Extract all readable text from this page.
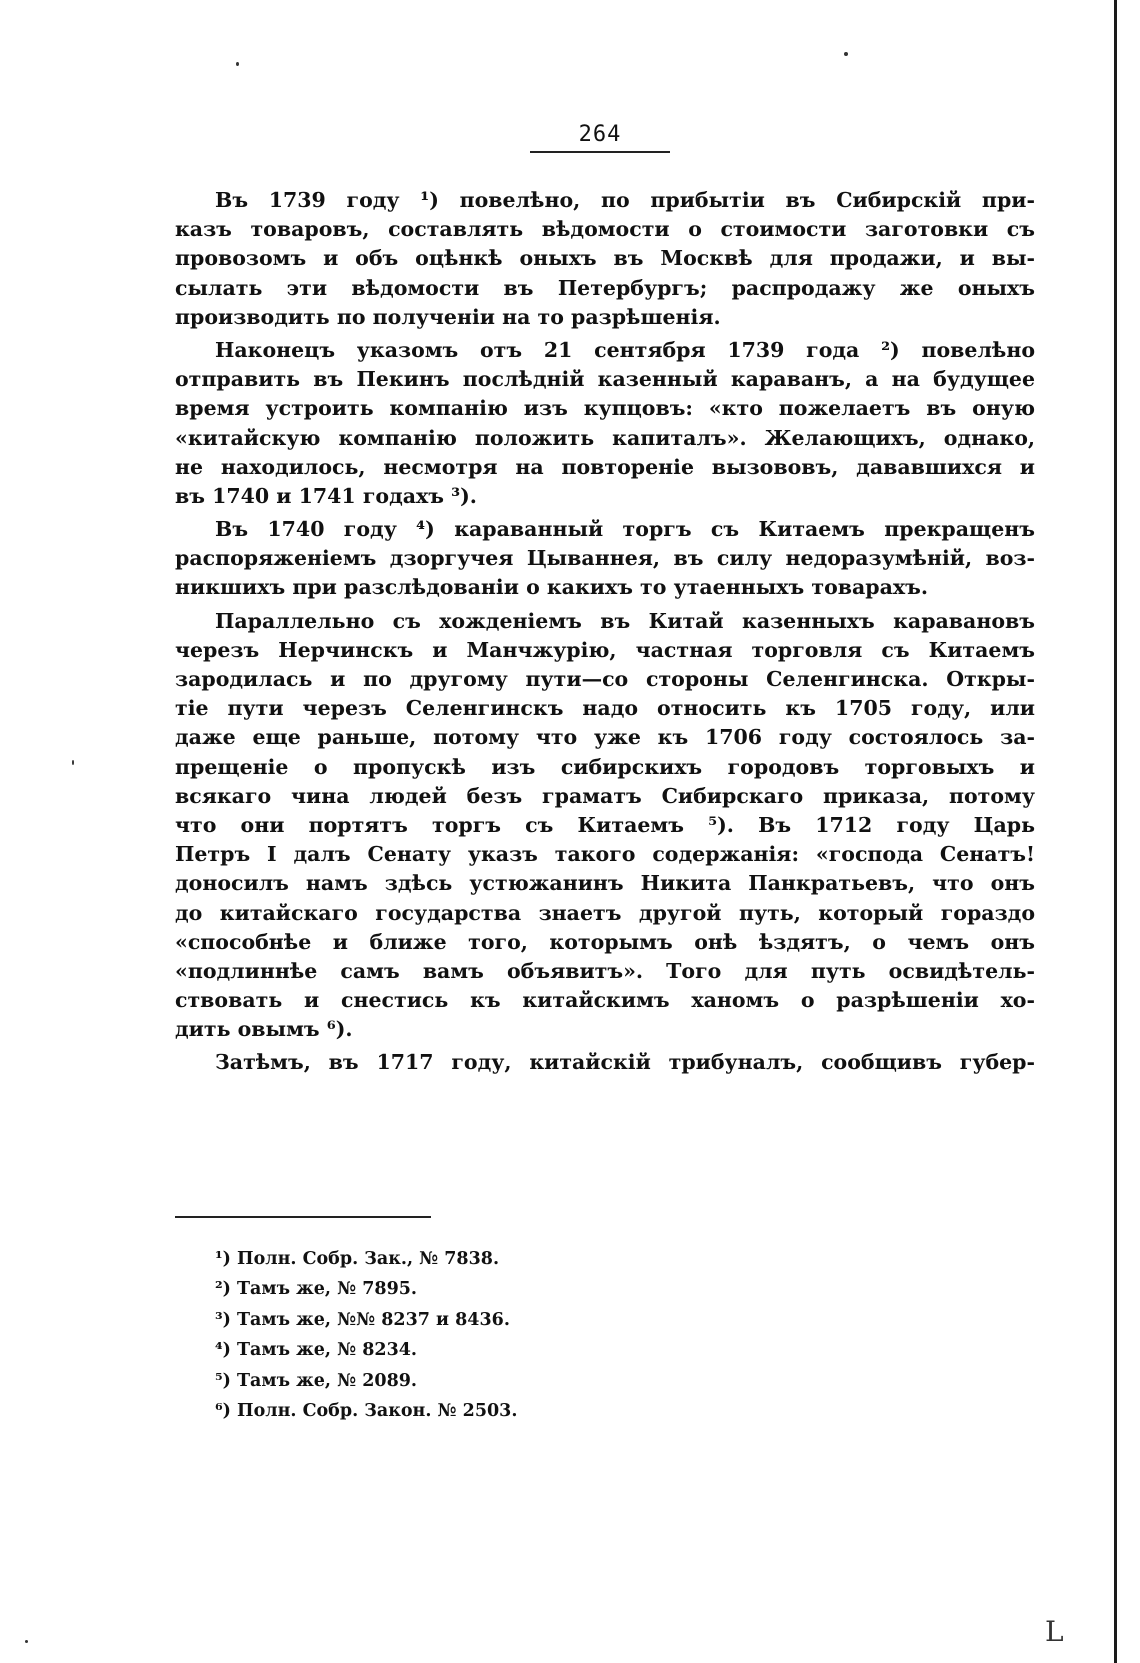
264
Въ 1739 году ¹) повелѣно, по прибытіи въ Сибирскій при-
казъ товаровъ, составлять вѣдомости о стоимости заготовки съ
провозомъ и объ оцѣнкѣ оныхъ въ Москвѣ для продажи, и вы-
сылать эти вѣдомости въ Петербургъ; распродажу же оныхъ
производить по полученіи на то разрѣшенія.
Наконецъ указомъ отъ 21 сентября 1739 года ²) повелѣно
отправить въ Пекинъ послѣдній казенный караванъ, а на будущее
время устроить компанію изъ купцовъ: «кто пожелаетъ въ оную
«китайскую компанію положить капиталъ». Желающихъ, однако,
не находилось, несмотря на повтореніе вызововъ, дававшихся и
въ 1740 и 1741 годахъ ³).
Въ 1740 году ⁴) караванный торгъ съ Китаемъ прекращенъ
распоряженіемъ дзоргучея Цываннея, въ силу недоразумѣній, воз-
никшихъ при разслѣдованіи о какихъ то утаенныхъ товарахъ.
Параллельно съ хожденіемъ въ Китай казенныхъ каравановъ
черезъ Нерчинскъ и Манчжурію, частная торговля съ Китаемъ
зародилась и по другому пути—со стороны Селенгинска. Откры-
тіе пути черезъ Селенгинскъ надо относить къ 1705 году, или
даже еще раньше, потому что уже къ 1706 году состоялось за-
прещеніе о пропускѣ изъ сибирскихъ городовъ торговыхъ и
всякаго чина людей безъ граматъ Сибирскаго приказа, потому
что они портятъ торгъ съ Китаемъ ⁵). Въ 1712 году Царь
Петръ I далъ Сенату указъ такого содержанія: «господа Сенатъ!
доносилъ намъ здѣсь устюжанинъ Никита Панкратьевъ, что онъ
до китайскаго государства знаетъ другой путь, который гораздо
«способнѣе и ближе того, которымъ онѣ ѣздятъ, о чемъ онъ
«подлиннѣе самъ вамъ объявитъ». Того для путь освидѣтель-
ствовать и снестись къ китайскимъ ханомъ о разрѣшеніи хо-
дить овымъ ⁶).
Затѣмъ, въ 1717 году, китайскій трибуналъ, сообщивъ губер-
¹) Полн. Собр. Зак., № 7838.
²) Тамъ же, № 7895.
³) Тамъ же, №№ 8237 и 8436.
⁴) Тамъ же, № 8234.
⁵) Тамъ же, № 2089.
⁶) Полн. Собр. Закон. № 2503.
L
